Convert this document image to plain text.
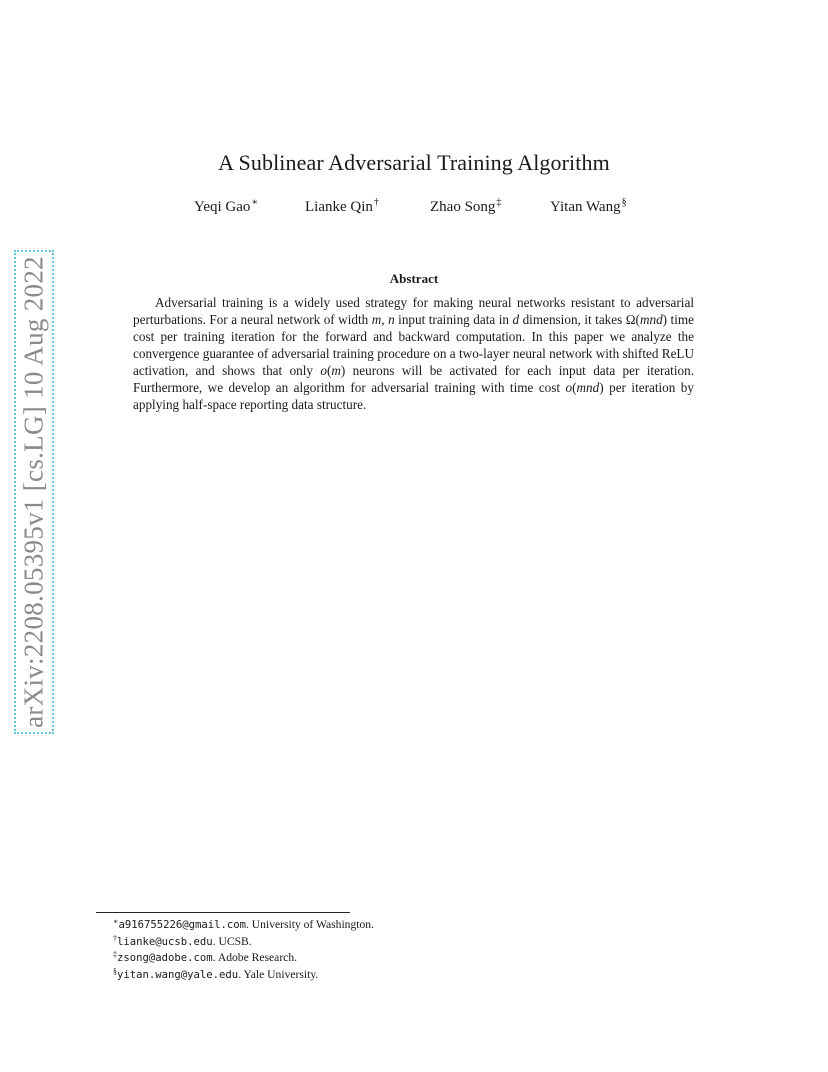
arXiv:2208.05395v1 [cs.LG] 10 Aug 2022
A Sublinear Adversarial Training Algorithm
Yeqi Gao∗	Lianke Qin†	Zhao Song‡	Yitan Wang§
Abstract
Adversarial training is a widely used strategy for making neural networks resistant to adversarial perturbations. For a neural network of width m, n input training data in d dimension, it takes Ω(mnd) time cost per training iteration for the forward and backward computation. In this paper we analyze the convergence guarantee of adversarial training procedure on a two-layer neural network with shifted ReLU activation, and shows that only o(m) neurons will be activated for each input data per iteration. Furthermore, we develop an algorithm for adversarial training with time cost o(mnd) per iteration by applying half-space reporting data structure.
∗a916755226@gmail.com. University of Washington.
†lianke@ucsb.edu. UCSB.
‡zsong@adobe.com. Adobe Research.
§yitan.wang@yale.edu. Yale University.
